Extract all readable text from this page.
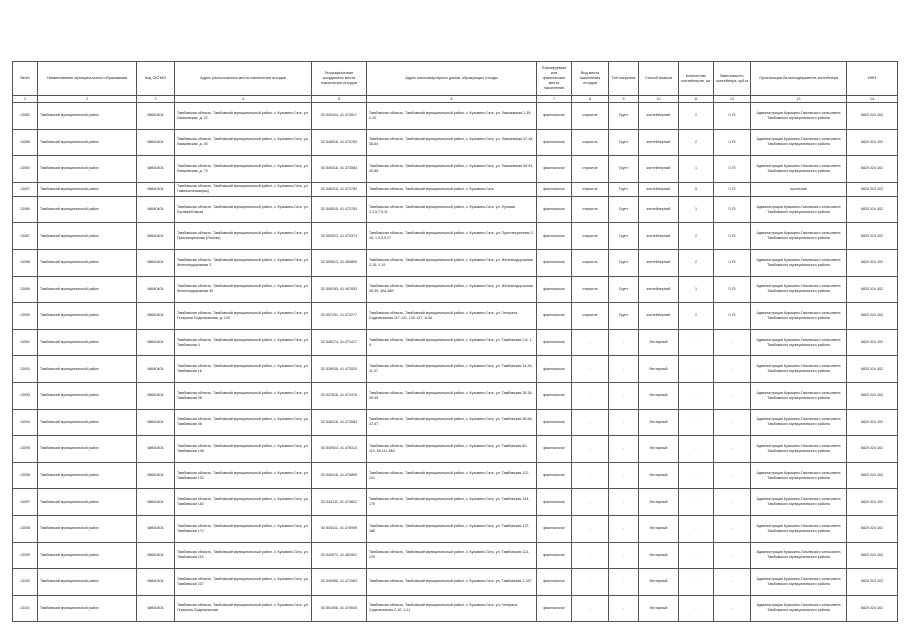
№п/п	Наименование муниципального образования	Код ОКТМО	Адрес расположения места накопления отходов	Географические координаты места накопления отходов	Адрес многоквартирных домов, образующих отходы	Планируемые или фактические места накопления	Вид места накопления отходов	Тип покрытия	Способ вывоза	Количество контейнеров, шт	Вместимость контейнера, куб.м	Организация-балансодержатель контейнера	ИНН
1	2	3	4	5	6	7	8	9	10	11	12	13	14
13052	Тамбовский муниципальный район	68640404	Тамбовская область, Тамбовский муниципальный район, с. Кузьмино-Гать, ул. Лаишевская, д. 22	52.540424, 41.472817	Тамбовская область, Тамбовский муниципальный район, с. Кузьмино-Гать, ул. Лаишевская 1-35, 2-20	фактическое	открытое	Грунт	контейнерный	2	0,75	Администрация Кузьмино-Гатьевского сельсовета Тамбовского муниципального района	6820 024 402
13085	Тамбовский муниципальный район	68640404	Тамбовская область, Тамбовский муниципальный район, с. Кузьмино-Гать, ул. Лаишевская, д. 45	52.546518, 41.473783	Тамбовская область, Тамбовский муниципальный район, с. Кузьмино-Гать, ул. Лаишевская 37-45, 38-64	фактическое	открытое	Грунт	контейнерный	2	0,75	Администрация Кузьмино-Гатьевского сельсовета Тамбовского муниципального района	6820 024 402
13092	Тамбовский муниципальный район	68640404	Тамбовская область, Тамбовский муниципальный район, с. Кузьмино-Гать, ул. Лаишевская, д. 73	52.546318, 41.473583	Тамбовская область, Тамбовский муниципальный район, с. Кузьмино-Гать, ул. Лаишевская 59-93, 49-85	фактическое	открытое	Грунт	контейнерный	1	0,75	Администрация Кузьмино-Гатьевского сельсовета Тамбовского муниципального района	6820 024 402
13097	Тамбовский муниципальный район	68640404	Тамбовская область, Тамбовский муниципальный район, с. Кузьмино-Гать, ул. Гимназическая(шк)	52.546318, 41.473783	Тамбовская область, Тамбовский муниципальный район, с. Кузьмино-Гать	фактическое	открытое	Грунт	контейнерный	5	0,75	школьная	6820 024 402
13080	Тамбовский муниципальный район	68640404	Тамбовская область, Тамбовский муниципальный район, с. Кузьмино-Гать, ул. Луговая/Южная	52.546518, 41.473783	Тамбовская область, Тамбовский муниципальный район, с. Кузьмино-Гать, ул. Луговая 1,3,5,7,9,11	фактическое	открытое	Грунт	контейнерный	1	0,75	Администрация Кузьмино-Гатьевского сельсовета Тамбовского муниципального района	6820 024 402
13087	Тамбовский муниципальный район	68640404	Тамбовская область, Тамбовский муниципальный район, с. Кузьмино-Гать, ул. Пристанционная (Лесная)	52.550523, 41.470374	Тамбовская область, Тамбовский муниципальный район, с. Кузьмино-Гать, ул. Пристанционная 2-16, 1,3,5,9,17	фактическое	открытое	Грунт	контейнерный	2	0,75	Администрация Кузьмино-Гатьевского сельсовета Тамбовского муниципального района	6820 024 402
13088	Тамбовский муниципальный район	68640404	Тамбовская область, Тамбовский муниципальный район, с. Кузьмино-Гать, ул. Железнодорожная 3	52.550613, 41.465859	Тамбовская область, Тамбовский муниципальный район, с. Кузьмино-Гать, ул. Железнодорожная 2-15, 1-19	фактическое	открытое	Грунт	контейнерный	2	0,75	Администрация Кузьмино-Гатьевского сельсовета Тамбовского муниципального района	6820 024 402
13089	Тамбовский муниципальный район	68640404	Тамбовская область, Тамбовский муниципальный район, с. Кузьмино-Гать, ул. Железнодорожная 39	52.556193, 41.467653	Тамбовская область, Тамбовский муниципальный район, с. Кузьмино-Гать, ул. Железнодорожная 35-39, 40а-48б	фактическое	открытое	Грунт	контейнерный	1	0,75	Администрация Кузьмино-Гатьевского сельсовета Тамбовского муниципального района	6820 024 402
13090	Тамбовский муниципальный район	68640404	Тамбовская область, Тамбовский муниципальный район, с. Кузьмино-Гать, ул. Генерала Сидельникова, д. 133	52.557291, 41.470277	Тамбовская область, Тамбовский муниципальный район, с. Кузьмино-Гать, ул. Генерала Сидельникова 117-131, 130-137, 113А	фактическое	открытое	Грунт	контейнерный	2	0,75	Администрация Кузьмино-Гатьевского сельсовета Тамбовского муниципального района	6820 024 402
13091	Тамбовский муниципальный район	68640404	Тамбовская область, Тамбовский муниципальный район, с. Кузьмино-Гать, ул. Тамбовская 4	52.546274, 41.471417	Тамбовская область, Тамбовский муниципальный район, с. Кузьмино-Гать, ул. Тамбовская 2-6, 1-9	фактическое	-	-	бестарный	-	-	Администрация Кузьмино-Гатьевского сельсовета Тамбовского муниципального района	6820 024 402
13092	Тамбовский муниципальный район	68640404	Тамбовская область, Тамбовский муниципальный район, с. Кузьмино-Гать, ул. Тамбовская 16	52.539936, 41.473520	Тамбовская область, Тамбовский муниципальный район, с. Кузьмино-Гать, ул. Тамбовская 14-26, 11-37	фактическое	-	-	бестарный	-	-	Администрация Кузьмино-Гатьевского сельсовета Тамбовского муниципального района	6820 024 402
13093	Тамбовский муниципальный район	68640404	Тамбовская область, Тамбовский муниципальный район, с. Кузьмино-Гать, ул. Тамбовская 28	52.537818, 41.472476	Тамбовская область, Тамбовский муниципальный район, с. Кузьмино-Гать, ул. Тамбовская 28-36, 39-45	фактическое	-	-	бестарный	-	-	Администрация Кузьмино-Гатьевского сельсовета Тамбовского муниципального района	6820 024 402
13094	Тамбовский муниципальный район	68640404	Тамбовская область, Тамбовский муниципальный район, с. Кузьмино-Гать, ул. Тамбовская 48	52.546318, 41.473583	Тамбовская область, Тамбовский муниципальный район, с. Кузьмино-Гать, ул. Тамбовская 38-58, 47-67	фактическое	-	-	бестарный	-	-	Администрация Кузьмино-Гатьевского сельсовета Тамбовского муниципального района	6820 024 402
13095	Тамбовский муниципальный район	68640404	Тамбовская область, Тамбовский муниципальный район, с. Кузьмино-Гать, ул. Тамбовская 106	52.540924, 41.476313	Тамбовская область, Тамбовский муниципальный район, с. Кузьмино-Гать, ул. Тамбовская 80-110, 69-111,38А	фактическое	-	-	бестарный	-	-	Администрация Кузьмино-Гатьевского сельсовета Тамбовского муниципального района	6820 024 402
13096	Тамбовский муниципальный район	68640404	Тамбовская область, Тамбовский муниципальный район, с. Кузьмино-Гать, ул. Тамбовская 132	52.546318, 41.476859	Тамбовская область, Тамбовский муниципальный район, с. Кузьмино-Гать, ул. Тамбовская 112-131	фактическое	-	-	бестарный	-	-	Администрация Кузьмино-Гатьевского сельсовета Тамбовского муниципального района	6820 024 402
13097	Тамбовский муниципальный район	68640404	Тамбовская область, Тамбовский муниципальный район, с. Кузьмино-Гать, ул. Тамбовская 162	52.540311, 41.474822	Тамбовская область, Тамбовский муниципальный район, с. Кузьмино-Гать, ул. Тамбовская 144-170	фактическое	-	-	бестарный	-	-	Администрация Кузьмино-Гатьевского сельсовета Тамбовского муниципального района	6820 024 402
13098	Тамбовский муниципальный район	68640404	Тамбовская область, Тамбовский муниципальный район, с. Кузьмино-Гать, ул. Тамбовская 172	52.540411, 41.476959	Тамбовская область, Тамбовский муниципальный район, с. Кузьмино-Гать, ул. Тамбовская 172-186	фактическое	-	-	бестарный	-	-	Администрация Кузьмино-Гатьевского сельсовета Тамбовского муниципального района	6820 024 402
13099	Тамбовский муниципальный район	68640404	Тамбовская область, Тамбовский муниципальный район, с. Кузьмино-Гать, ул. Тамбовская 115	52.540572, 41.481501	Тамбовская область, Тамбовский муниципальный район, с. Кузьмино-Гать, ул. Тамбовская 113-125	фактическое	-	-	бестарный	-	-	Администрация Кузьмино-Гатьевского сельсовета Тамбовского муниципального района	6820 024 402
13100	Тамбовский муниципальный район	68640404	Тамбовская область, Тамбовский муниципальный район, с. Кузьмино-Гать, ул. Тамбовская 237	52.540956, 41.471963	Тамбовская область, Тамбовский муниципальный район, с. Кузьмино-Гать, ул. Тамбовская 2-167	фактическое	-	-	бестарный	-	-	Администрация Кузьмино-Гатьевского сельсовета Тамбовского муниципального района	6820 024 402
13101	Тамбовский муниципальный район	68640404	Тамбовская область, Тамбовский муниципальный район, с. Кузьмино-Гать, ул. Генерала Сидельникова	52.551906, 41.470645	Тамбовская область, Тамбовский муниципальный район, с. Кузьмино-Гать, ул. Генерала Сидельникова 2-10, 1-11	фактическое	-	-	бестарный	-	-	Администрация Кузьмино-Гатьевского сельсовета Тамбовского муниципального района	6820 024 402
